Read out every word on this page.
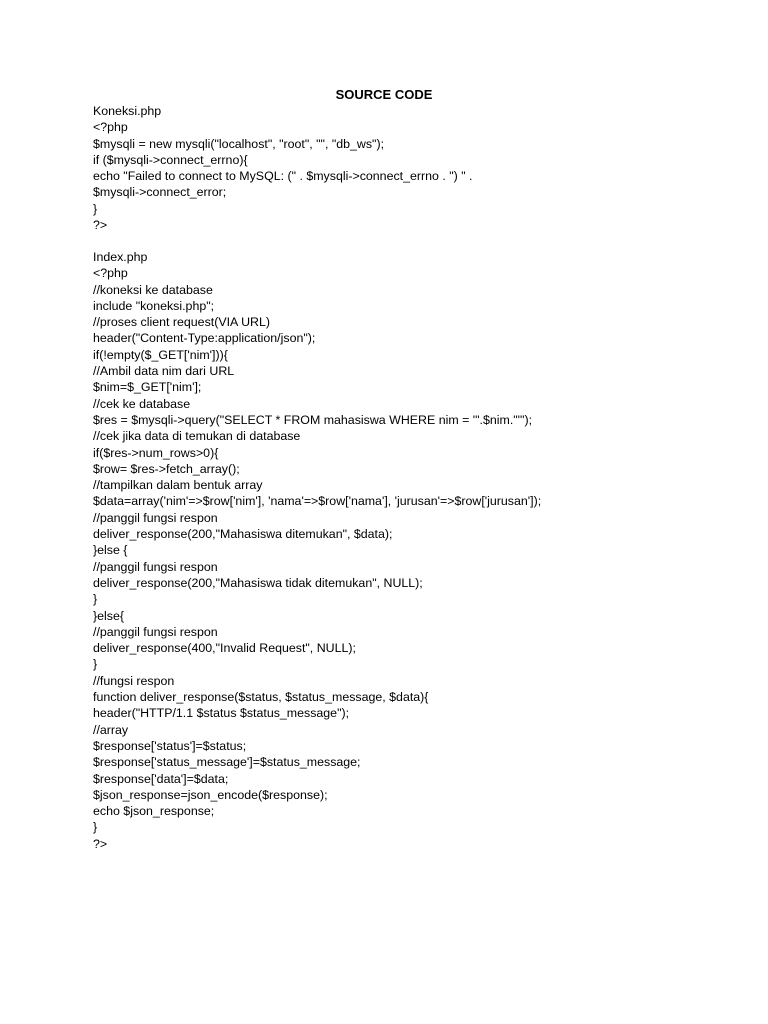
SOURCE CODE
Koneksi.php
<?php
$mysqli = new mysqli("localhost", "root", "", "db_ws");
if ($mysqli->connect_errno){
echo "Failed to connect to MySQL: (" . $mysqli->connect_errno . ") " .
$mysqli->connect_error;
}
?>
Index.php
<?php
//koneksi ke database
include "koneksi.php";
//proses client request(VIA URL)
header("Content-Type:application/json");
if(!empty($_GET['nim'])){
//Ambil data nim dari URL
$nim=$_GET['nim'];
//cek ke database
$res = $mysqli->query("SELECT * FROM mahasiswa WHERE nim = '".$nim."'");
//cek jika data di temukan di database
if($res->num_rows>0){
$row= $res->fetch_array();
//tampilkan dalam bentuk array
$data=array('nim'=>$row['nim'], 'nama'=>$row['nama'], 'jurusan'=>$row['jurusan']);
//panggil fungsi respon
deliver_response(200,"Mahasiswa ditemukan", $data);
}else {
//panggil fungsi respon
deliver_response(200,"Mahasiswa tidak ditemukan", NULL);
}
}else{
//panggil fungsi respon
deliver_response(400,"Invalid Request", NULL);
}
//fungsi respon
function deliver_response($status, $status_message, $data){
header("HTTP/1.1 $status $status_message");
//array
$response['status']=$status;
$response['status_message']=$status_message;
$response['data']=$data;
$json_response=json_encode($response);
echo $json_response;
}
?>
